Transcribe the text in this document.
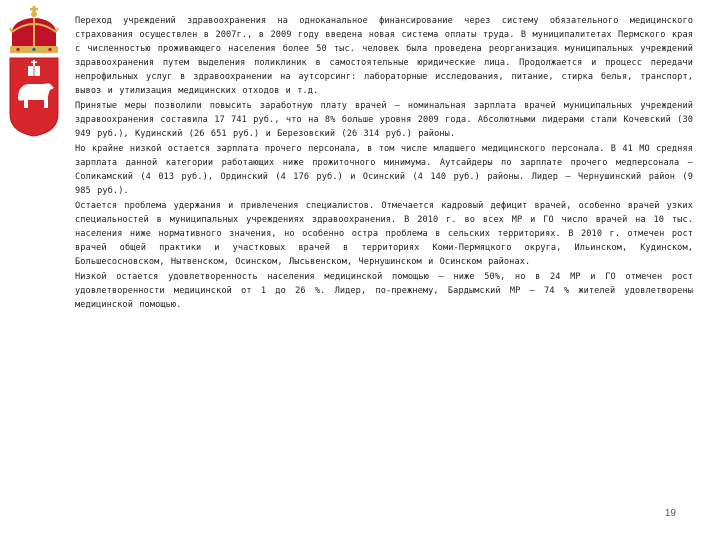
Переход учреждений здравоохранения на одноканальное финансирование через систему обязательного медицинского страхования осуществлен в 2007г., в 2009 году введена новая система оплаты труда. В муниципалитетах Пермского края с численностью проживающего населения более 50 тыс. человек была проведена реорганизация муниципальных учреждений здравоохранения путем выделения поликлиник в самостоятельные юридические лица. Продолжается и процесс передачи непрофильных услуг в здравоохранении на аутсорсинг: лабораторные исследования, питание, стирка белья, транспорт, вывоз и утилизация медицинских отходов и т.д.

Принятые меры позволили повысить заработную плату врачей – номинальная зарплата врачей муниципальных учреждений здравоохранения составила 17 741 руб., что на 8% больше уровня 2009 года. Абсолютными лидерами стали Кочевский (30 949 руб.), Кудинский (26 651 руб.) и Березовский (26 314 руб.) районы.

Но крайне низкой остается зарплата прочего персонала, в том числе младшего медицинского персонала. В 41 МО средняя зарплата данной категории работающих ниже прожиточного минимума. Аутсайдеры по зарплате прочего медперсонала – Соликамский (4 013 руб.), Ординский (4 176 руб.) и Осинский (4 140 руб.) районы. Лидер – Чернушинский район (9 985 руб.).

Остается проблема удержания и привлечения специалистов. Отмечается кадровый дефицит врачей, особенно врачей узких специальностей в муниципальных учреждениях здравоохранения. В 2010 г. во всех МР и ГО число врачей на 10 тыс. населения ниже нормативного значения, но особенно остра проблема в сельских территориях. В 2010 г. отмечен рост врачей общей практики и участковых врачей в территориях Коми-Пермяцкого округа, Ильинском, Кудинском, Большесосновском, Нытвенском, Осинском, Лысьвенском, Чернушинском и Осинском районах.

Низкой остается удовлетворенность населения медицинской помощью – ниже 50%, но в 24 МР и ГО отмечен рост удовлетворенности медицинской от 1 до 26 %. Лидер, по-прежнему, Бардымский МР – 74 % жителей удовлетворены медицинской помощью.

19
